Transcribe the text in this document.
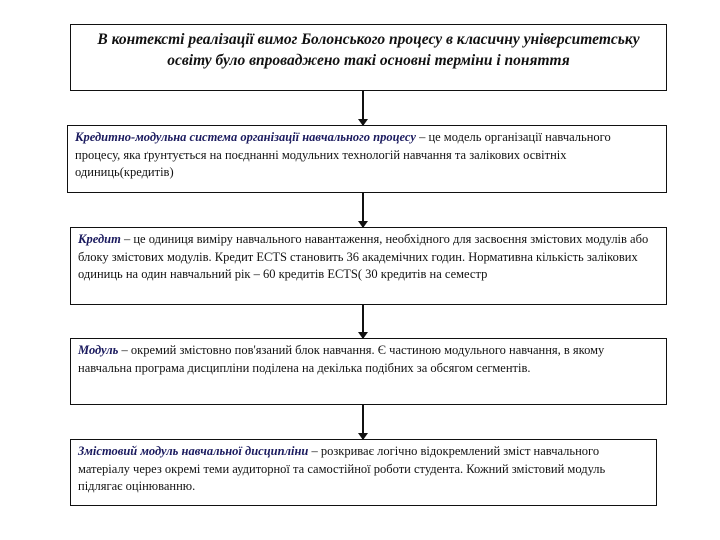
В контексті реалізації вимог Болонського процесу в класичну університетську освіту було впроваджено такі основні терміни і поняття
Кредитно-модульна система організації навчального процесу – це модель організації навчального процесу, яка ґрунтується на поєднанні модульних технологій навчання та залікових освітніх одиниць(кредитів)
Кредит – це одиниця виміру навчального навантаження, необхідного для засвоєння змістових модулів або блоку змістових модулів. Кредит ECTS становить 36 академічних годин. Нормативна кількість залікових одиниць на один навчальний рік – 60 кредитів ECTS( 30 кредитів на семестр
Модуль – окремий змістовно пов'язаний блок навчання. Є частиною модульного навчання, в якому навчальна програма дисципліни поділена на декілька подібних за обсягом сегментів.
Змістовий модуль навчальної дисципліни – розкриває логічно відокремлений зміст навчального матеріалу через окремі теми аудиторної та самостійної роботи студента. Кожний змістовий модуль підлягає оцінюванню.
